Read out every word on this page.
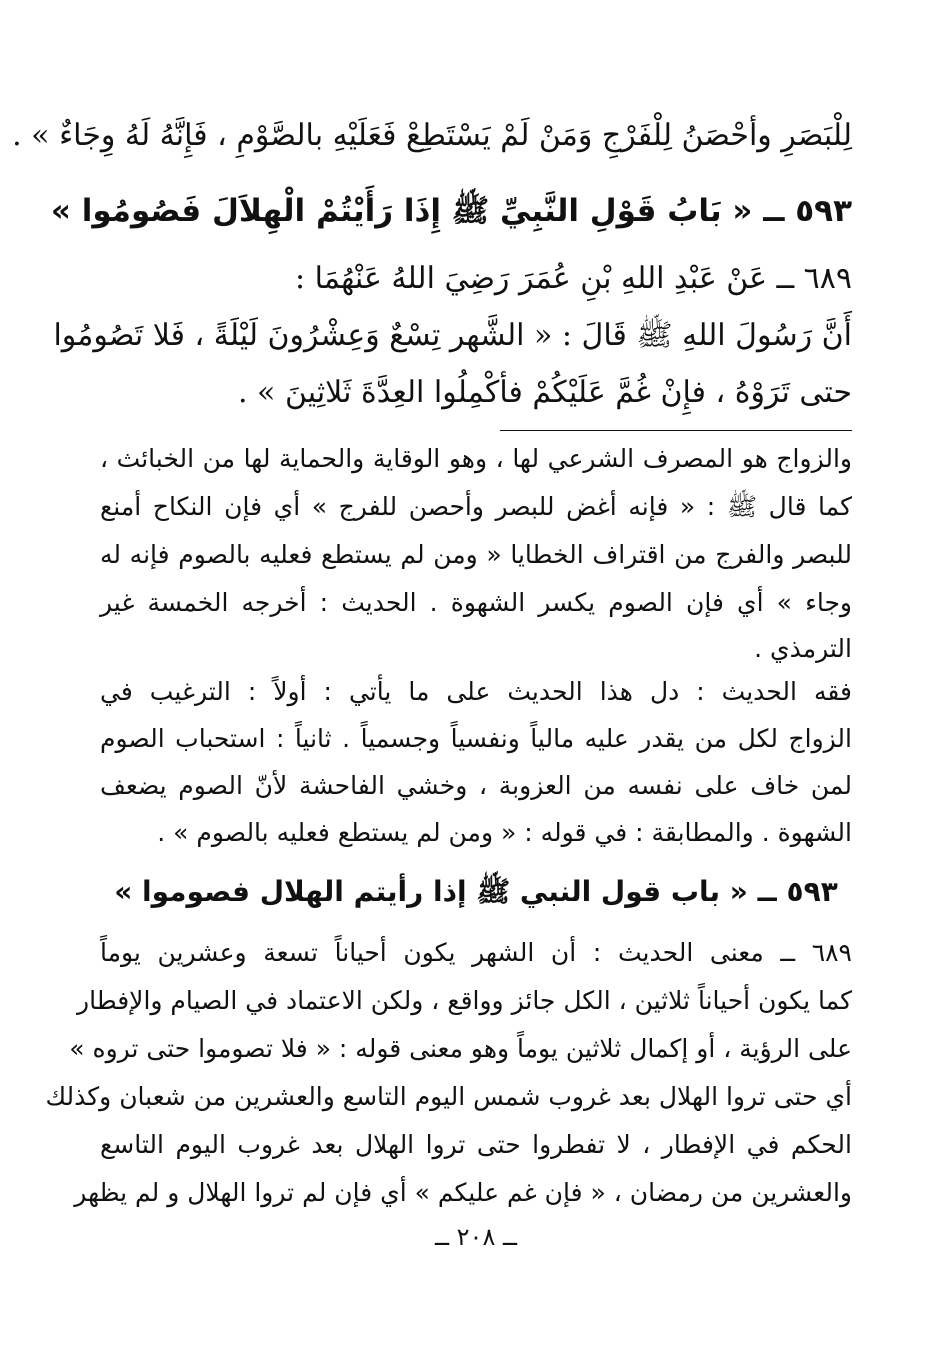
لِلْبَصَرِ وأحْصَنُ لِلْفَرْجِ وَمَنْ لَمْ يَسْتَطِعْ فَعَلَيْهِ بالصَّوْمِ ، فَإِنَّهُ لَهُ وِجَاءٌ » .
٥٩٣ ــ « بَابُ قَوْلِ النَّبِيِّ ﷺ إِذَا رَأَيْتُمْ الْهِلاَلَ فَصُومُوا »
٦٨٩ ــ عَنْ عَبْدِ اللهِ بْنِ عُمَرَ رَضِيَ اللهُ عَنْهُمَا :
أَنَّ رَسُولَ اللهِ ﷺ قَالَ : « الشَّهر تِسْعٌ وَعِشْرُونَ لَيْلَةً ، فَلا تَصُومُوا
حتى تَرَوْهُ ، فإِنْ غُمَّ عَلَيْكُمْ فأكْمِلُوا العِدَّةَ ثَلاثِينَ » .
والزواج هو المصرف الشرعي لها ، وهو الوقاية والحماية لها من الخبائث ،
كما قال ﷺ : « فإنه أغض للبصر وأحصن للفرج » أي فإن النكاح أمنع
للبصر والفرج من اقتراف الخطايا « ومن لم يستطع فعليه بالصوم فإنه له
وجاء » أي فإن الصوم يكسر الشهوة . الحديث : أخرجه الخمسة غير
الترمذي .
فقه الحديث : دل هذا الحديث على ما يأتي : أولاً : الترغيب في
الزواج لكل من يقدر عليه مالياً ونفسياً وجسمياً . ثانياً : استحباب الصوم
لمن خاف على نفسه من العزوبة ، وخشي الفاحشة لأنّ الصوم يضعف
الشهوة . والمطابقة : في قوله : « ومن لم يستطع فعليه بالصوم » .
٥٩٣ ــ « باب قول النبي ﷺ إذا رأيتم الهلال فصوموا »
٦٨٩ ــ معنى الحديث : أن الشهر يكون أحياناً تسعة وعشرين يوماً
كما يكون أحياناً ثلاثين ، الكل جائز وواقع ، ولكن الاعتماد في الصيام والإفطار
على الرؤية ، أو إكمال ثلاثين يوماً وهو معنى قوله : « فلا تصوموا حتى تروه »
أي حتى تروا الهلال بعد غروب شمس اليوم التاسع والعشرين من شعبان وكذلك
الحكم في الإفطار ، لا تفطروا حتى تروا الهلال بعد غروب اليوم التاسع
والعشرين من رمضان ، « فإن غم عليكم » أي فإن لم تروا الهلال و لم يظهر
ــ ٢٠٨ ــ
